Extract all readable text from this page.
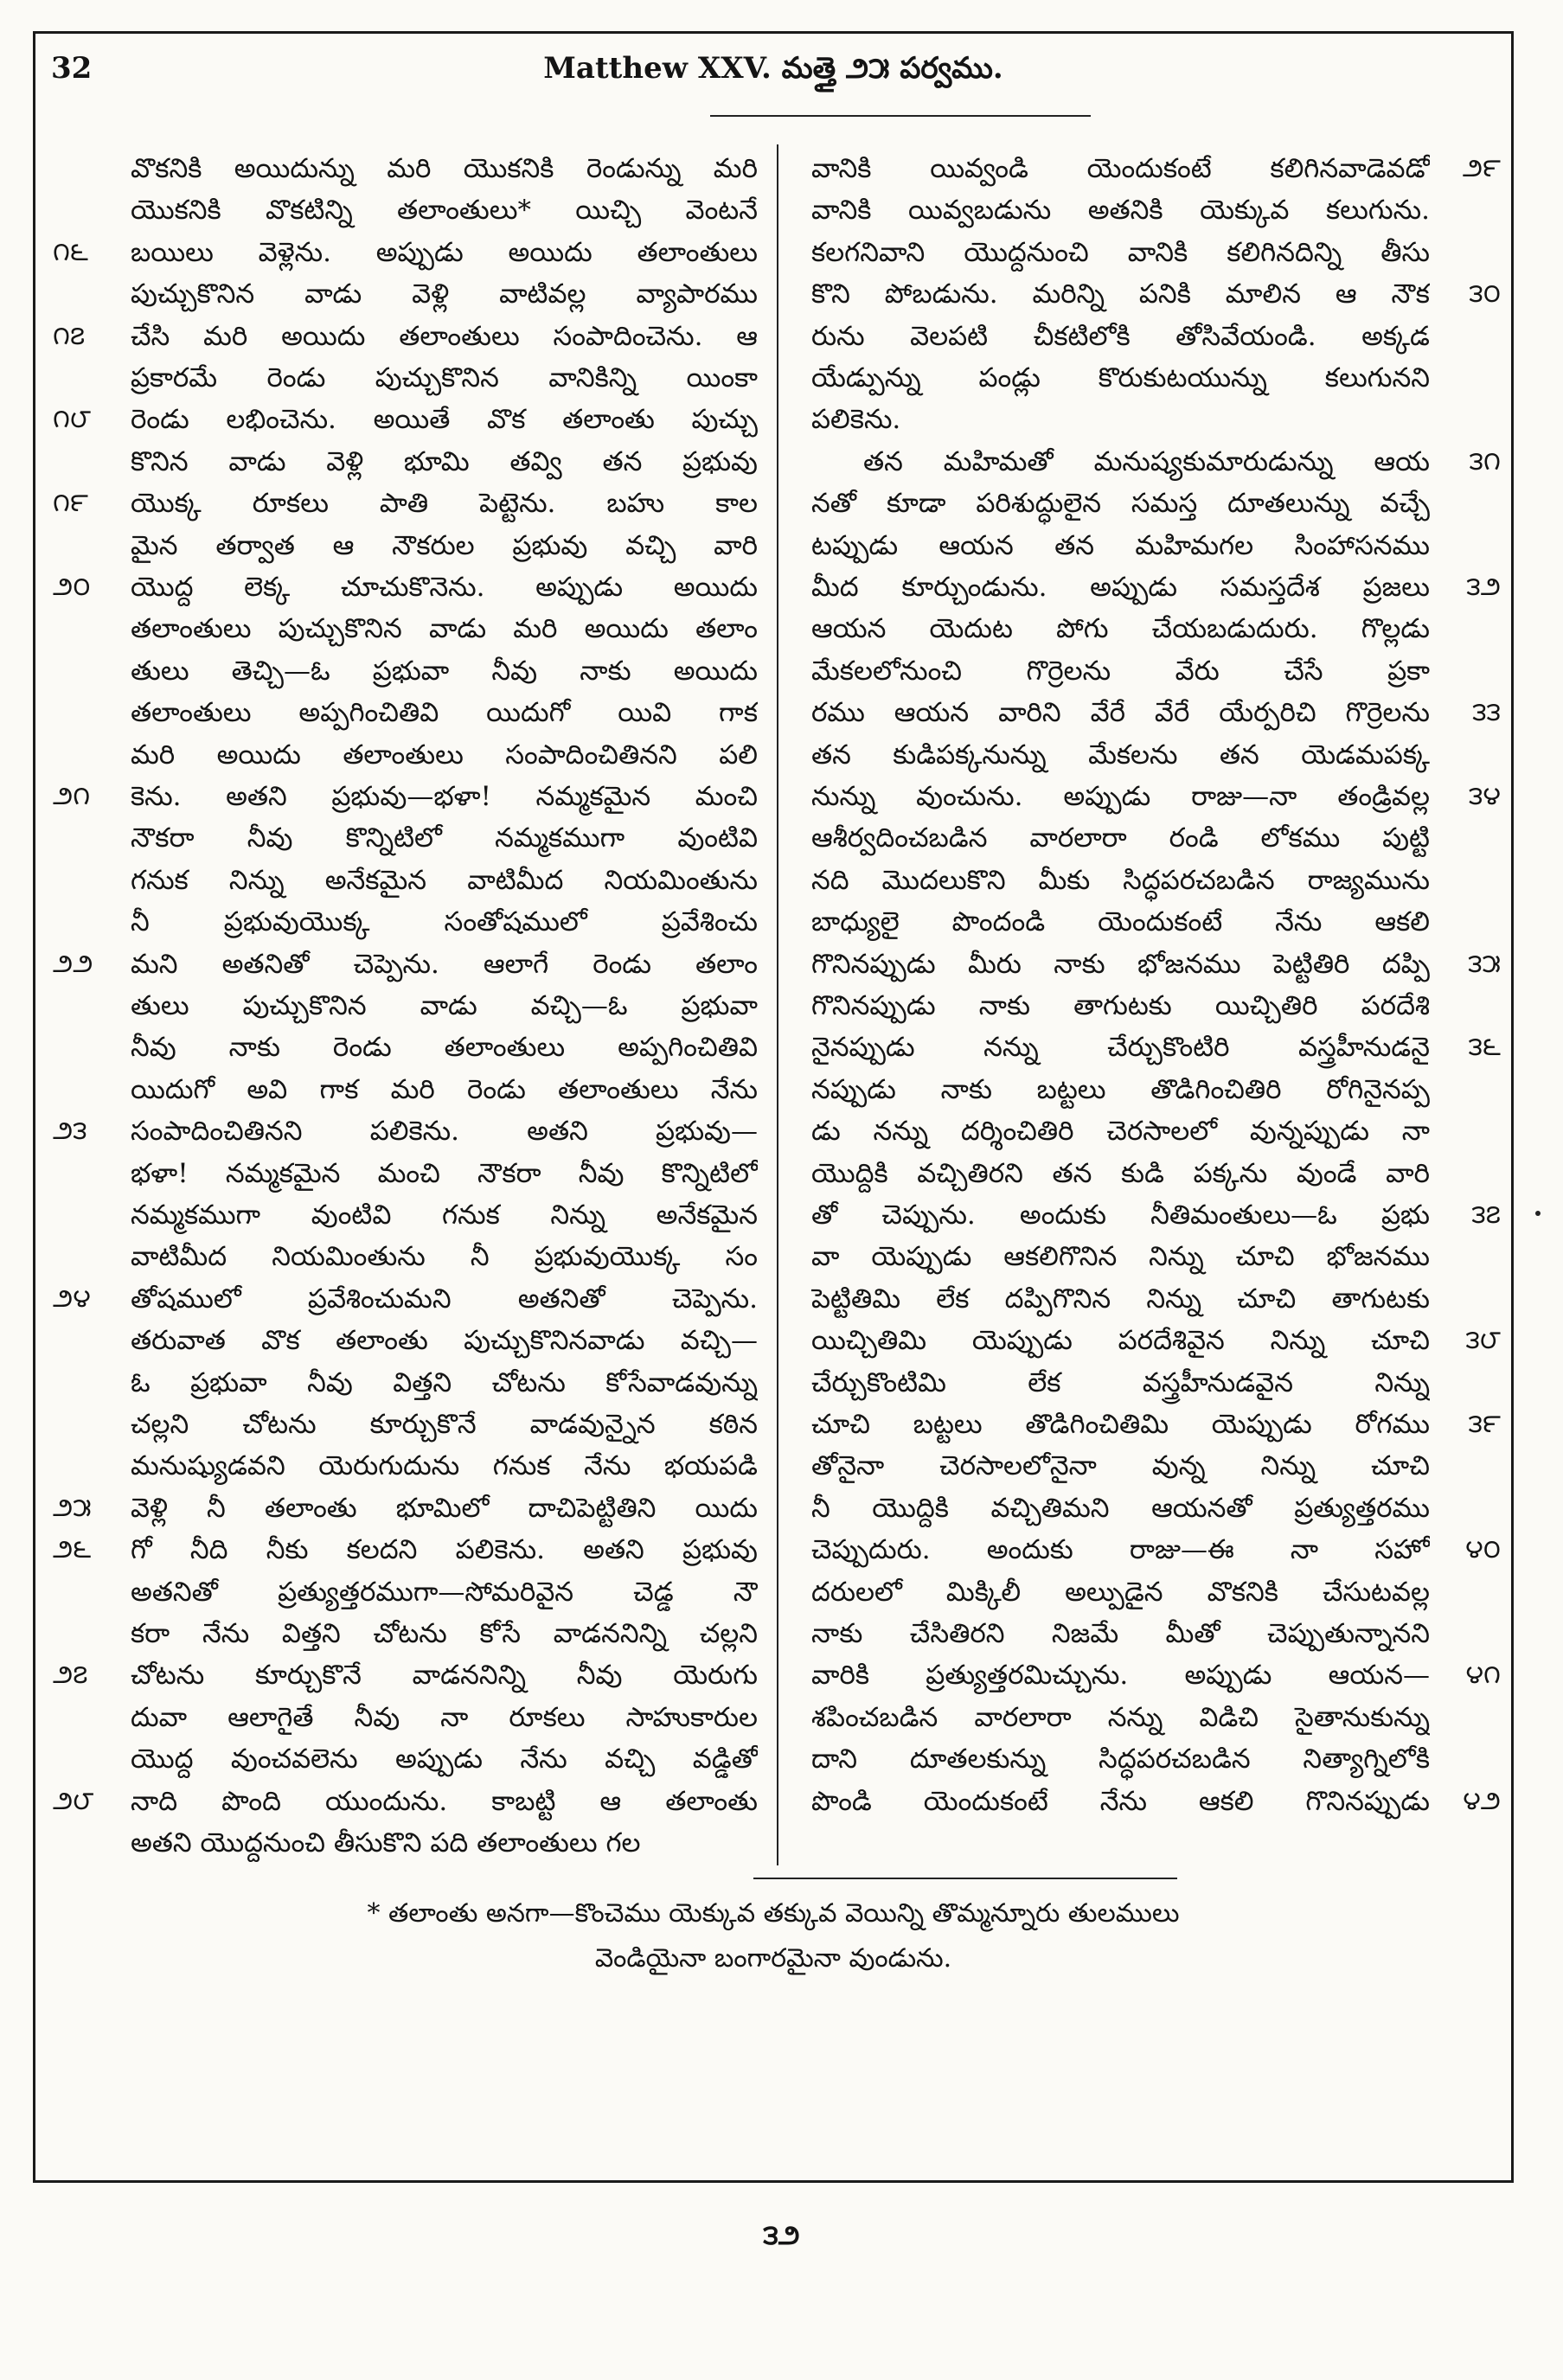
32	Matthew XXV. మత్తై ౨౫ పర్వము.
వొకనికి అయిదున్ను మరి యొకనికి రెండున్ను మరి
యొకనికి వొకటిన్ని తలాంతులు* యిచ్చి వెంటనే
బయిలు వెళ్లెను. అప్పుడు అయిదు తలాంతులు
౧౬
పుచ్చుకొనిన వాడు వెళ్లి వాటివల్ల వ్యాపారము
చేసి మరి అయిదు తలాంతులు సంపాదించెను. ఆ
౧౭
ప్రకారమే రెండు పుచ్చుకొనిన వానికిన్ని యింకా
రెండు లభించెను. అయితే వొక తలాంతు పుచ్చు
౧౮
కొనిన వాడు వెళ్లి భూమి తవ్వి తన ప్రభువు
యొక్క రూకలు పాతి పెట్టెను. బహు కాల
౧౯
మైన తర్వాత ఆ నౌకరుల ప్రభువు వచ్చి వారి
యొద్ద లెక్క చూచుకొనెను. అప్పుడు అయిదు
౨౦
తలాంతులు పుచ్చుకొనిన వాడు మరి అయిదు తలాం
తులు తెచ్చి—ఓ ప్రభువా నీవు నాకు అయిదు
తలాంతులు అప్పగించితివి యిదుగో యివి గాక
మరి అయిదు తలాంతులు సంపాదించితినని పలి
కెను. అతని ప్రభువు—భళా! నమ్మకమైన మంచి
౨౧
నౌకరా నీవు కొన్నిటిలో నమ్మకముగా వుంటివి
గనుక నిన్ను అనేకమైన వాటిమీద నియమింతును
నీ ప్రభువుయొక్క సంతోషములో ప్రవేశించు
మని అతనితో చెప్పెను. ఆలాగే రెండు తలాం
౨౨
తులు పుచ్చుకొనిన వాడు వచ్చి—ఓ ప్రభువా
నీవు నాకు రెండు తలాంతులు అప్పగించితివి
యిదుగో అవి గాక మరి రెండు తలాంతులు నేను
సంపాదించితినని పలికెను. అతని ప్రభువు—
౨౩
భళా! నమ్మకమైన మంచి నౌకరా నీవు కొన్నిటిలో
నమ్మకముగా వుంటివి గనుక నిన్ను అనేకమైన
వాటిమీద నియమింతును నీ ప్రభువుయొక్క సం
తోషములో ప్రవేశించుమని అతనితో చెప్పెను.
౨౪
తరువాత వొక తలాంతు పుచ్చుకొనినవాడు వచ్చి—
ఓ ప్రభువా నీవు విత్తని చోటను కోసేవాడవున్ను
చల్లని చోటను కూర్చుకొనే వాడవున్నైన కఠిన
మనుష్యుడవని యెరుగుదును గనుక నేను భయపడి
వెళ్లి నీ తలాంతు భూమిలో దాచిపెట్టితిని యిదు
౨౫
గో నీది నీకు కలదని పలికెను. అతని ప్రభువు
౨౬
అతనితో ప్రత్యుత్తరముగా—సోమరివైన చెడ్డ నౌ
కరా నేను విత్తని చోటను కోసే వాడననిన్ని చల్లని
చోటను కూర్చుకొనే వాడననిన్ని నీవు యెరుగు
౨౭
దువా ఆలాగైతే నీవు నా రూకలు సాహుకారుల
యొద్ద వుంచవలెను అప్పుడు నేను వచ్చి వడ్డితో
నాది పొంది యుందును. కాబట్టి ఆ తలాంతు
౨౮
అతని యొద్దనుంచి తీసుకొని పది తలాంతులు గల
వానికి యివ్వండి యెందుకంటే కలిగినవాడెవడో	౨౯
వానికి యివ్వబడును అతనికి యెక్కువ కలుగును.
కలగనివాని యొద్దనుంచి వానికి కలిగినదిన్ని తీసు
కొని పోబడును. మరిన్ని పనికి మాలిన ఆ నౌక	౩౦
రును వెలపటి చీకటిలోకి తోసివేయండి. అక్కడ
యేడ్పున్ను పండ్లు కొరుకుటయున్ను కలుగునని
పలికెను.
తన మహిమతో మనుష్యకుమారుడున్ను ఆయ	౩౧
నతో కూడా పరిశుద్ధులైన సమస్త దూతలున్ను వచ్చే
టప్పుడు ఆయన తన మహిమగల సింహాసనము
మీద కూర్చుండును. అప్పుడు సమస్తదేశ ప్రజలు	౩౨
ఆయన యెదుట పోగు చేయబడుదురు. గొల్లడు
మేకలలోనుంచి గొర్రెలను వేరు చేసే ప్రకా
రము ఆయన వారిని వేరే వేరే యేర్పరిచి గొర్రెలను	౩౩
తన కుడిపక్కనున్ను మేకలను తన యెడమపక్క
నున్ను వుంచును. అప్పుడు రాజు—నా తండ్రివల్ల	౩౪
ఆశీర్వదించబడిన వారలారా రండి లోకము పుట్టి
నది మొదలుకొని మీకు సిద్ధపరచబడిన రాజ్యమును
బాధ్యులై పొందండి యెందుకంటే నేను ఆకలి
గొనినప్పుడు మీరు నాకు భోజనము పెట్టితిరి దప్పి	౩౫
గొనినప్పుడు నాకు తాగుటకు యిచ్చితిరి పరదేశి
నైనప్పుడు నన్ను చేర్చుకొంటిరి వస్త్రహీనుడనై	౩౬
నప్పుడు నాకు బట్టలు తొడిగించితిరి రోగినైనప్ప
డు నన్ను దర్శించితిరి చెరసాలలో వున్నప్పుడు నా
యొద్దికి వచ్చితిరని తన కుడి పక్కను వుండే వారి
తో చెప్పును. అందుకు నీతిమంతులు—ఓ ప్రభు	౩౭
వా యెప్పుడు ఆకలిగొనిన నిన్ను చూచి భోజనము
పెట్టితిమి లేక దప్పిగొనిన నిన్ను చూచి తాగుటకు
యిచ్చితిమి యెప్పుడు పరదేశివైన నిన్ను చూచి	౩౮
చేర్చుకొంటిమి లేక వస్త్రహీనుడవైన నిన్ను
చూచి బట్టలు తొడిగించితిమి యెప్పుడు రోగము	౩౯
తోనైనా చెరసాలలోనైనా వున్న నిన్ను చూచి
నీ యొద్దికి వచ్చితిమని ఆయనతో ప్రత్యుత్తరము
చెప్పుదురు. అందుకు రాజు—ఈ నా సహో	౪౦
దరులలో మిక్కిలీ అల్పుడైన వొకనికి చేసుటవల్ల
నాకు చేసితిరని నిజమే మీతో చెప్పుతున్నానని
వారికి ప్రత్యుత్తరమిచ్చును. అప్పుడు ఆయన—	౪౧
శపించబడిన వారలారా నన్ను విడిచి సైతానుకున్ను
దాని దూతలకున్ను సిద్ధపరచబడిన నిత్యాగ్నిలోకి
పొండి యెందుకంటే నేను ఆకలి గొనినప్పుడు	౪౨
* తలాంతు అనగా—కొంచెము యెక్కువ తక్కువ వెయిన్ని తొమ్మన్నూరు తులములు
వెండియైనా బంగారమైనా వుండును.
౩౨
